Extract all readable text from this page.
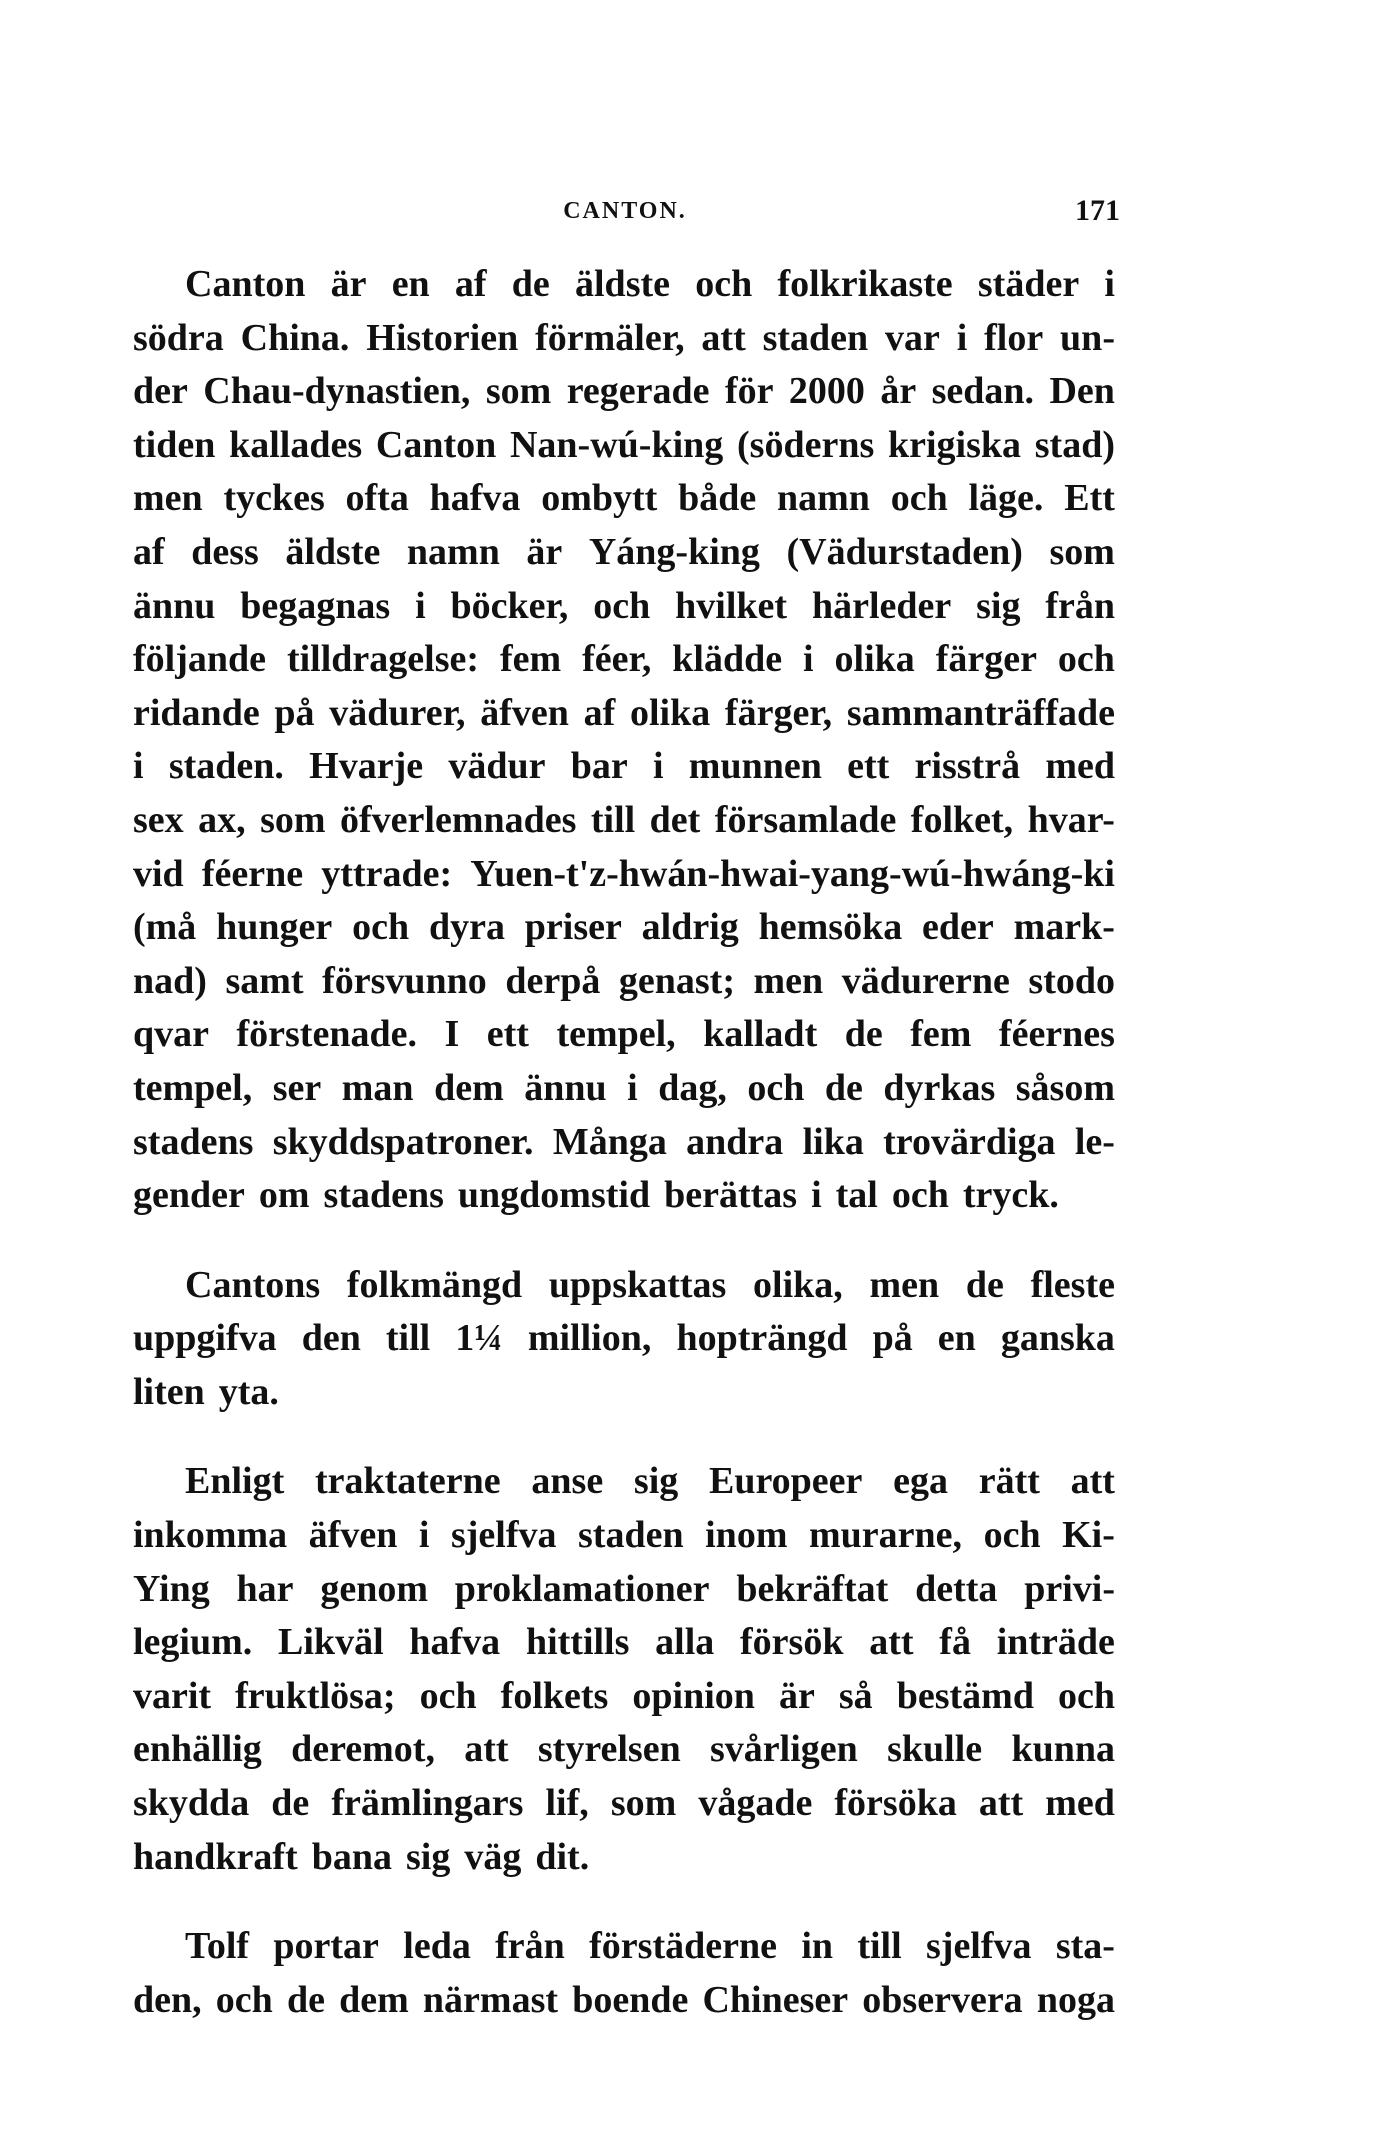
CANTON.	171
Canton är en af de äldste och folkrikaste städer i
södra China. Historien förmäler, att staden var i flor un-
der Chau-dynastien, som regerade för 2000 år sedan. Den
tiden kallades Canton Nan-wú-king (söderns krigiska stad)
men tyckes ofta hafva ombytt både namn och läge. Ett
af dess äldste namn är Yáng-king (Vädurstaden) som
ännu begagnas i böcker, och hvilket härleder sig från
följande tilldragelse: fem féer, klädde i olika färger och
ridande på vädurer, äfven af olika färger, sammanträffade
i staden. Hvarje vädur bar i munnen ett risstrå med
sex ax, som öfverlemnades till det församlade folket, hvar-
vid féerne yttrade: Yuen-t'z-hwán-hwai-yang-wú-hwáng-ki
(må hunger och dyra priser aldrig hemsöka eder mark-
nad) samt försvunno derpå genast; men vädurerne stodo
qvar förstenade. I ett tempel, kalladt de fem féernes
tempel, ser man dem ännu i dag, och de dyrkas såsom
stadens skyddspatroner. Många andra lika trovärdiga le-
gender om stadens ungdomstid berättas i tal och tryck.
Cantons folkmängd uppskattas olika, men de fleste
uppgifva den till 1¼ million, hopträngd på en ganska
liten yta.
Enligt traktaterne anse sig Europeer ega rätt att
inkomma äfven i sjelfva staden inom murarne, och Ki-
Ying har genom proklamationer bekräftat detta privi-
legium. Likväl hafva hittills alla försök att få inträde
varit fruktlösa; och folkets opinion är så bestämd och
enhällig deremot, att styrelsen svårligen skulle kunna
skydda de främlingars lif, som vågade försöka att med
handkraft bana sig väg dit.
Tolf portar leda från förstäderne in till sjelfva sta-
den, och de dem närmast boende Chineser observera noga
